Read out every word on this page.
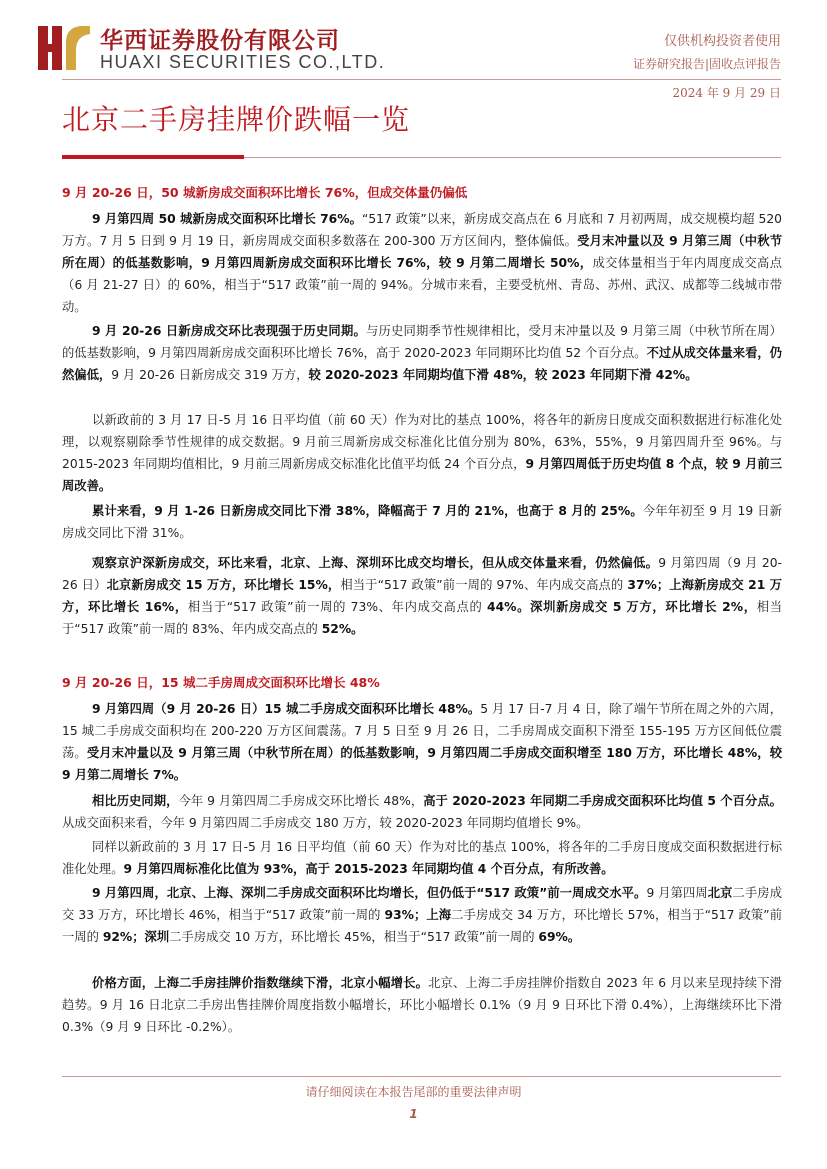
华西证券股份有限公司
HUAXI SECURITIES CO.,LTD.
仅供机构投资者使用
证券研究报告|固收点评报告
2024 年 9 月 29 日
北京二手房挂牌价跌幅一览
9 月 20-26 日，50 城新房成交面积环比增长 76%，但成交体量仍偏低
9 月第四周 50 城新房成交面积环比增长 76%。“517 政策”以来，新房成交高点在 6 月底和 7 月初两周，成交规模均超 520 万方。7 月 5 日到 9 月 19 日，新房周成交面积多数落在 200-300 万方区间内，整体偏低。受月末冲量以及 9 月第三周（中秋节所在周）的低基数影响，9 月第四周新房成交面积环比增长 76%，较 9 月第二周增长 50%，成交体量相当于年内周度成交高点（6 月 21-27 日）的 60%，相当于“517 政策”前一周的 94%。分城市来看，主要受杭州、青岛、苏州、武汉、成都等二线城市带动。
9 月 20-26 日新房成交环比表现强于历史同期。与历史同期季节性规律相比，受月末冲量以及 9 月第三周（中秋节所在周）的低基数影响，9 月第四周新房成交面积环比增长 76%，高于 2020-2023 年同期环比均值 52 个百分点。不过从成交体量来看，仍然偏低，9 月 20-26 日新房成交 319 万方，较 2020-2023 年同期均值下滑 48%，较 2023 年同期下滑 42%。
以新政前的 3 月 17 日-5 月 16 日平均值（前 60 天）作为对比的基点 100%，将各年的新房日度成交面积数据进行标准化处理，以观察剔除季节性规律的成交数据。9 月前三周新房成交标准化比值分别为 80%，63%，55%，9 月第四周升至 96%。与 2015-2023 年同期均值相比，9 月前三周新房成交标准化比值平均低 24 个百分点，9 月第四周低于历史均值 8 个点，较 9 月前三周改善。
累计来看，9 月 1-26 日新房成交同比下滑 38%，降幅高于 7 月的 21%，也高于 8 月的 25%。今年年初至 9 月 19 日新房成交同比下滑 31%。
观察京沪深新房成交，环比来看，北京、上海、深圳环比成交均增长，但从成交体量来看，仍然偏低。9 月第四周（9 月 20-26 日）北京新房成交 15 万方，环比增长 15%，相当于“517 政策”前一周的 97%、年内成交高点的 37%；上海新房成交 21 万方，环比增长 16%，相当于“517 政策”前一周的 73%、年内成交高点的 44%。深圳新房成交 5 万方，环比增长 2%，相当于“517 政策”前一周的 83%、年内成交高点的 52%。
9 月 20-26 日，15 城二手房周成交面积环比增长 48%
9 月第四周（9 月 20-26 日）15 城二手房成交面积环比增长 48%。5 月 17 日-7 月 4 日，除了端午节所在周之外的六周，15 城二手房成交面积均在 200-220 万方区间震荡。7 月 5 日至 9 月 26 日，二手房周成交面积下滑至 155-195 万方区间低位震荡。受月末冲量以及 9 月第三周（中秋节所在周）的低基数影响，9 月第四周二手房成交面积增至 180 万方，环比增长 48%，较 9 月第二周增长 7%。
相比历史同期，今年 9 月第四周二手房成交环比增长 48%，高于 2020-2023 年同期二手房成交面积环比均值 5 个百分点。从成交面积来看，今年 9 月第四周二手房成交 180 万方，较 2020-2023 年同期均值增长 9%。
同样以新政前的 3 月 17 日-5 月 16 日平均值（前 60 天）作为对比的基点 100%，将各年的二手房日度成交面积数据进行标准化处理。9 月第四周标准化比值为 93%，高于 2015-2023 年同期均值 4 个百分点，有所改善。
9 月第四周，北京、上海、深圳二手房成交面积环比均增长，但仍低于“517 政策”前一周成交水平。9 月第四周北京二手房成交 33 万方，环比增长 46%，相当于“517 政策”前一周的 93%；上海二手房成交 34 万方，环比增长 57%，相当于“517 政策”前一周的 92%；深圳二手房成交 10 万方，环比增长 45%，相当于“517 政策”前一周的 69%。
价格方面，上海二手房挂牌价指数继续下滑，北京小幅增长。北京、上海二手房挂牌价指数自 2023 年 6 月以来呈现持续下滑趋势。9 月 16 日北京二手房出售挂牌价周度指数小幅增长，环比小幅增长 0.1%（9 月 9 日环比下滑 0.4%），上海继续环比下滑 0.3%（9 月 9 日环比 -0.2%）。
请仔细阅读在本报告尾部的重要法律声明
1
